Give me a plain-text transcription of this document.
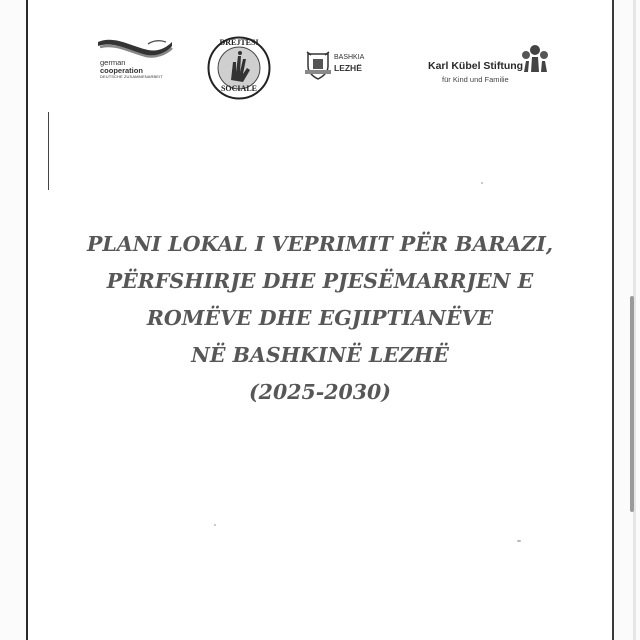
german
cooperation
DEUTSCHE ZUSAMMENARBEIT
DREJTËSI
SOCIALE
BASHKIA
LEZHË	Karl Kübel Stiftung
für Kind und Familie
PLANI LOKAL I VEPRIMIT PËR BARAZI,
PËRFSHIRJE DHE PJESËMARRJEN E
ROMËVE DHE EGJIPTIANËVE
NË BASHKINË LEZHË
(2025-2030)
